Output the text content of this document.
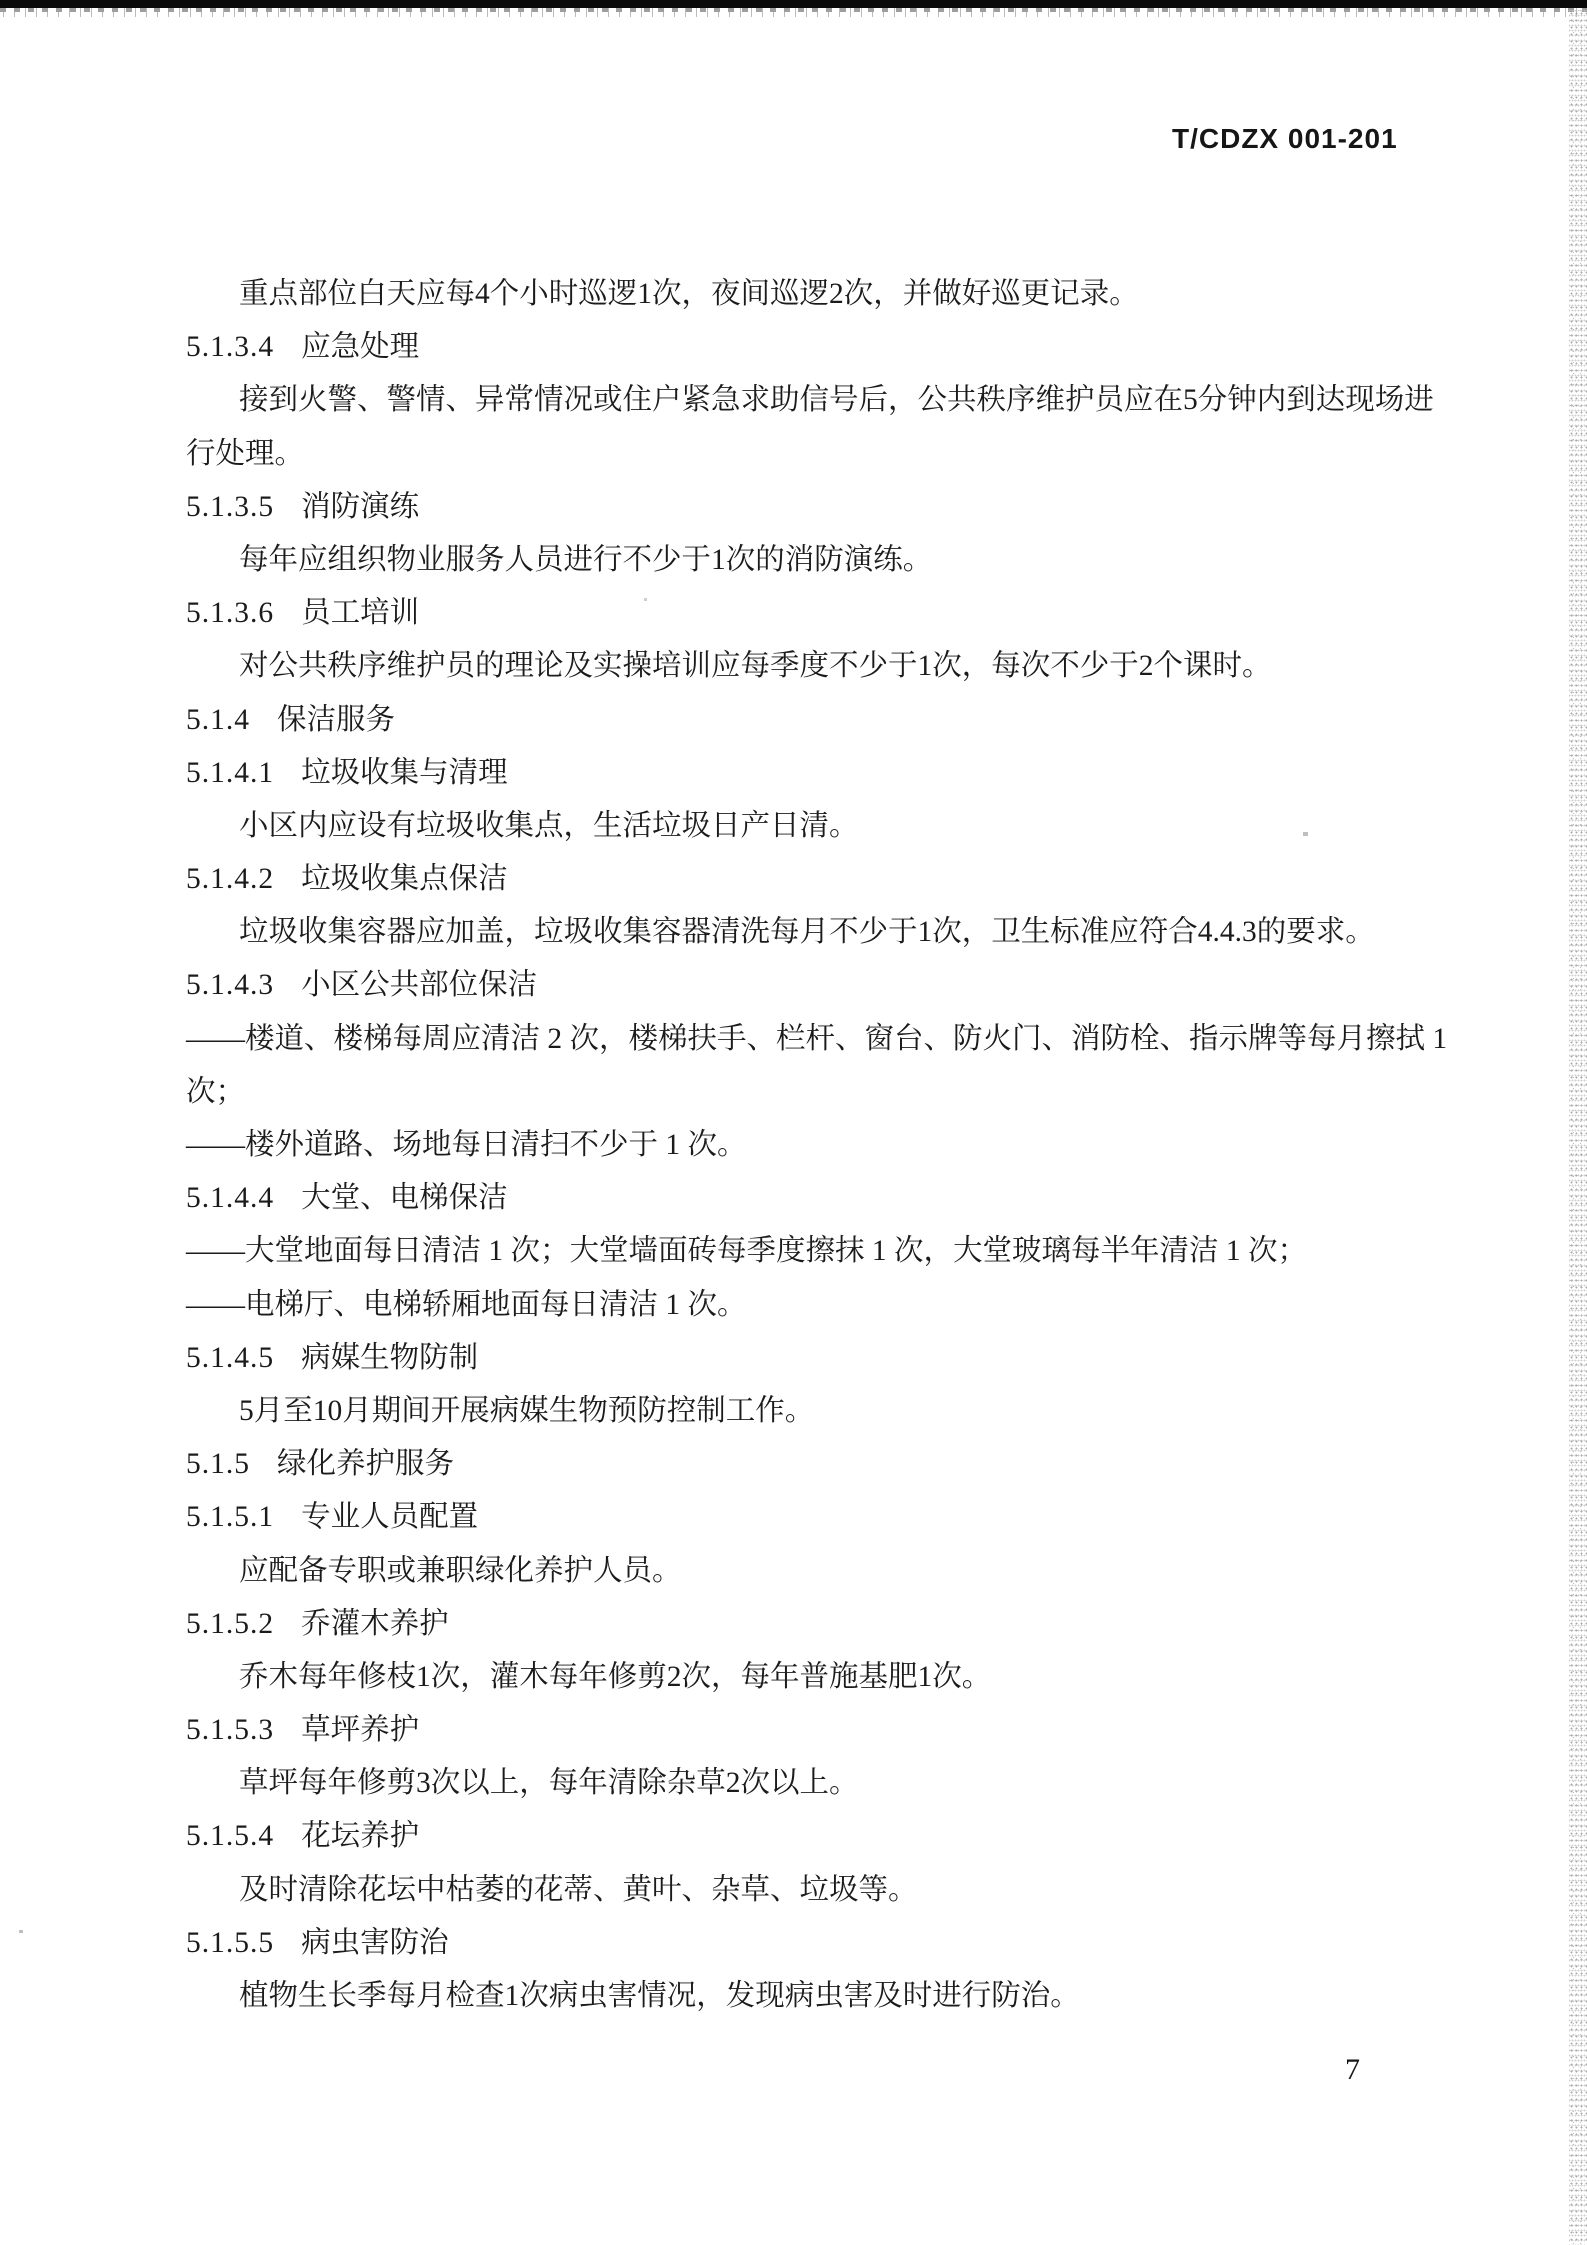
T/CDZX 001-201
重点部位白天应每4个小时巡逻1次，夜间巡逻2次，并做好巡更记录。
5.1.3.4 应急处理
接到火警、警情、异常情况或住户紧急求助信号后，公共秩序维护员应在5分钟内到达现场进
行处理。
5.1.3.5 消防演练
每年应组织物业服务人员进行不少于1次的消防演练。
5.1.3.6 员工培训
对公共秩序维护员的理论及实操培训应每季度不少于1次，每次不少于2个课时。
5.1.4 保洁服务
5.1.4.1 垃圾收集与清理
小区内应设有垃圾收集点，生活垃圾日产日清。
5.1.4.2 垃圾收集点保洁
垃圾收集容器应加盖，垃圾收集容器清洗每月不少于1次，卫生标准应符合4.4.3的要求。
5.1.4.3 小区公共部位保洁
——楼道、楼梯每周应清洁 2 次，楼梯扶手、栏杆、窗台、防火门、消防栓、指示牌等每月擦拭 1
次；
——楼外道路、场地每日清扫不少于 1 次。
5.1.4.4 大堂、电梯保洁
——大堂地面每日清洁 1 次；大堂墙面砖每季度擦抹 1 次，大堂玻璃每半年清洁 1 次；
——电梯厅、电梯轿厢地面每日清洁 1 次。
5.1.4.5 病媒生物防制
5月至10月期间开展病媒生物预防控制工作。
5.1.5 绿化养护服务
5.1.5.1 专业人员配置
应配备专职或兼职绿化养护人员。
5.1.5.2 乔灌木养护
乔木每年修枝1次，灌木每年修剪2次，每年普施基肥1次。
5.1.5.3 草坪养护
草坪每年修剪3次以上，每年清除杂草2次以上。
5.1.5.4 花坛养护
及时清除花坛中枯萎的花蒂、黄叶、杂草、垃圾等。
5.1.5.5 病虫害防治
植物生长季每月检查1次病虫害情况，发现病虫害及时进行防治。
7
